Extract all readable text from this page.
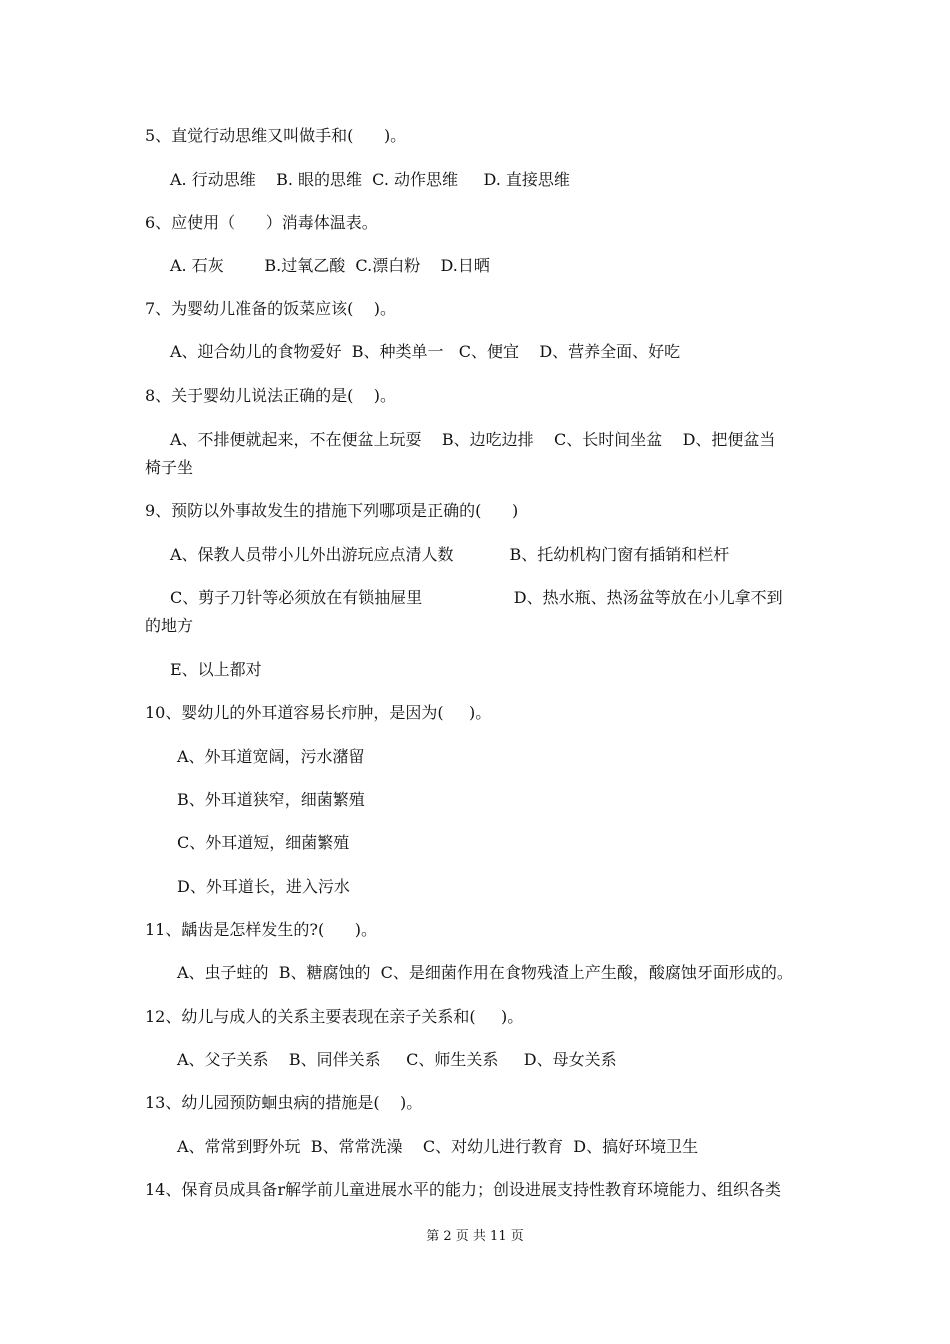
5、直觉行动思维又叫做手和(      )。
A. 行动思维    B. 眼的思维  C. 动作思维     D. 直接思维
6、应使用（      ）消毒体温表。
A. 石灰        B.过氧乙酸  C.漂白粉    D.日晒
7、为婴幼儿准备的饭菜应该(    )。
A、迎合幼儿的食物爱好  B、种类单一   C、便宜    D、营养全面、好吃
8、关于婴幼儿说法正确的是(    )。
A、不排便就起来，不在便盆上玩耍    B、边吃边排    C、长时间坐盆    D、把便盆当
椅子坐
9、预防以外事故发生的措施下列哪项是正确的(      )
A、保教人员带小儿外出游玩应点清人数           B、托幼机构门窗有插销和栏杆
C、剪子刀针等必须放在有锁抽屉里                  D、热水瓶、热汤盆等放在小儿拿不到
的地方
E、以上都对
10、婴幼儿的外耳道容易长疖肿，是因为(     )。
A、外耳道宽阔，污水潴留
B、外耳道狭窄，细菌繁殖
C、外耳道短，细菌繁殖
D、外耳道长，进入污水
11、龋齿是怎样发生的?(      )。
A、虫子蛀的  B、糖腐蚀的  C、是细菌作用在食物残渣上产生酸，酸腐蚀牙面形成的。
12、幼儿与成人的关系主要表现在亲子关系和(     )。
A、父子关系    B、同伴关系     C、师生关系     D、母女关系
13、幼儿园预防蛔虫病的措施是(    )。
A、常常到野外玩  B、常常洗澡    C、对幼儿进行教育  D、搞好环境卫生
14、保育员成具备r解学前儿童进展水平的能力；创设进展支持性教育环境能力、组织各类
第 2 页 共 11 页
